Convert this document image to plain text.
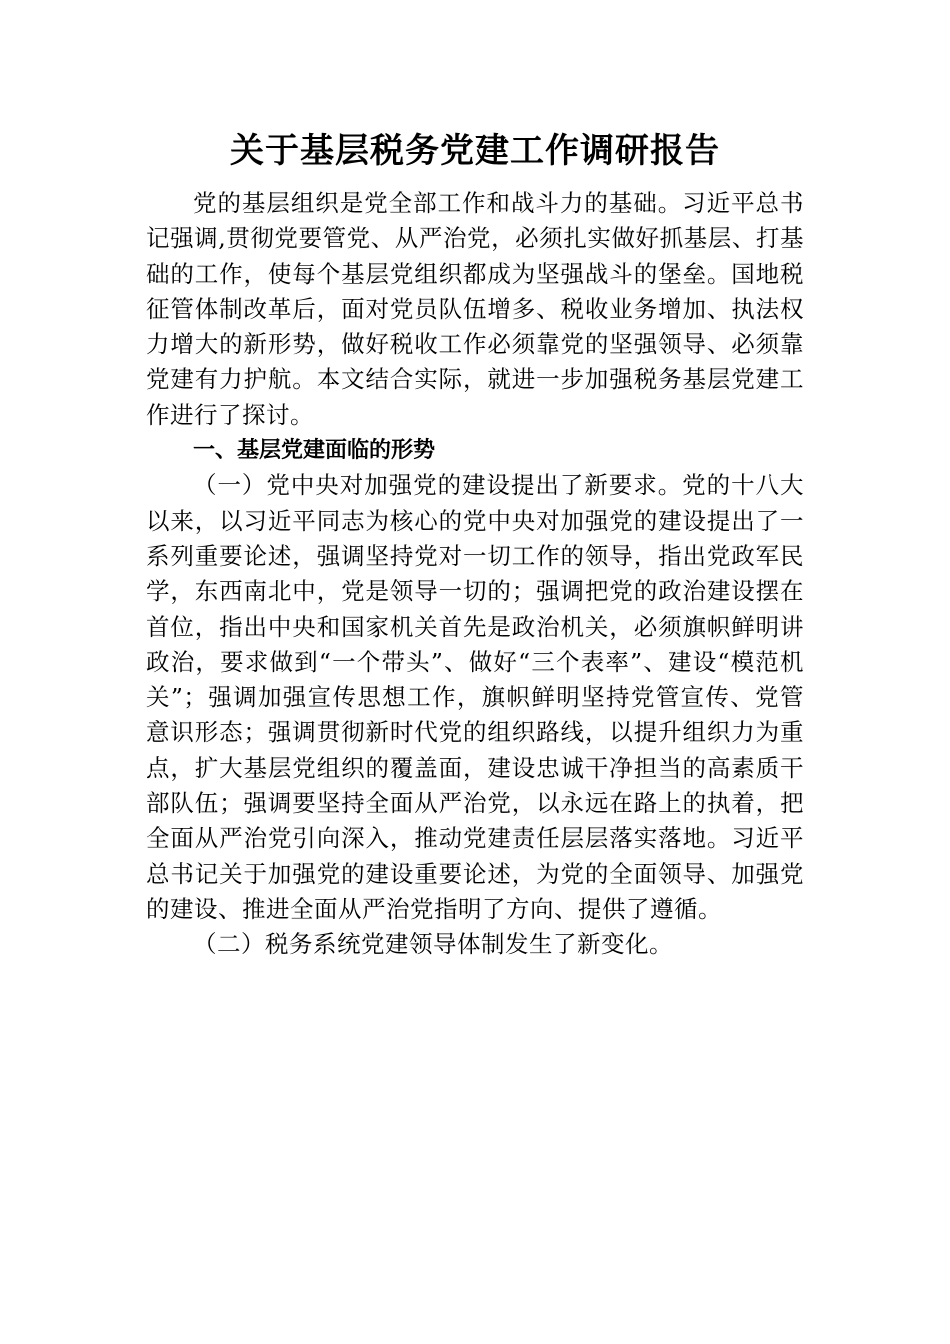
关于基层税务党建工作调研报告

党的基层组织是党全部工作和战斗力的基础。习近平总书记强调,贯彻党要管党、从严治党，必须扎实做好抓基层、打基础的工作，使每个基层党组织都成为坚强战斗的堡垒。国地税征管体制改革后，面对党员队伍增多、税收业务增加、执法权力增大的新形势，做好税收工作必须靠党的坚强领导、必须靠党建有力护航。本文结合实际，就进一步加强税务基层党建工作进行了探讨。

一、基层党建面临的形势

（一）党中央对加强党的建设提出了新要求。党的十八大以来，以习近平同志为核心的党中央对加强党的建设提出了一系列重要论述，强调坚持党对一切工作的领导，指出党政军民学，东西南北中，党是领导一切的；强调把党的政治建设摆在首位，指出中央和国家机关首先是政治机关，必须旗帜鲜明讲政治，要求做到“一个带头”、做好“三个表率”、建设“模范机关”；强调加强宣传思想工作，旗帜鲜明坚持党管宣传、党管意识形态；强调贯彻新时代党的组织路线，以提升组织力为重点，扩大基层党组织的覆盖面，建设忠诚干净担当的高素质干部队伍；强调要坚持全面从严治党，以永远在路上的执着，把全面从严治党引向深入，推动党建责任层层落实落地。习近平总书记关于加强党的建设重要论述，为党的全面领导、加强党的建设、推进全面从严治党指明了方向、提供了遵循。

（二）税务系统党建领导体制发生了新变化。
